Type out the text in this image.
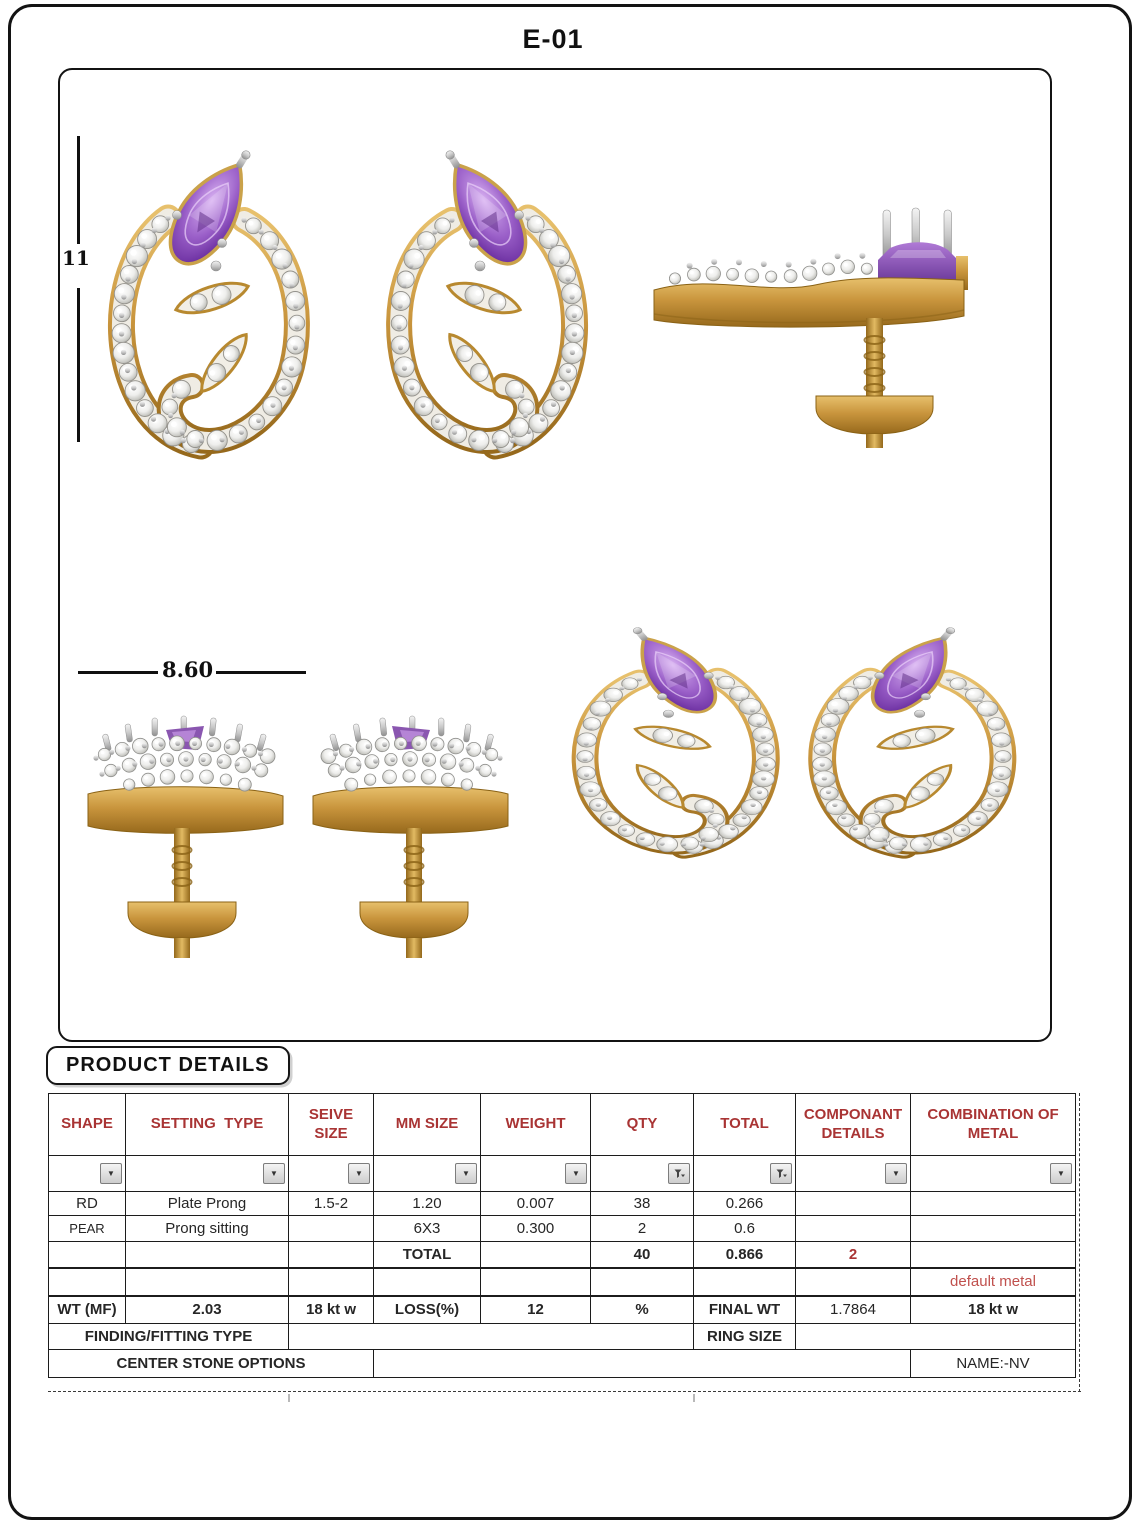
E-01
11
8.60
PRODUCT DETAILS
SHAPE	SETTING  TYPE	SEIVE SIZE	MM SIZE	WEIGHT	QTY	TOTAL	COMPONANT DETAILS	COMBINATION OF METAL

▼	▼	▼	▼	▼			▼	▼

RD	Plate Prong	1.5-2	1.20	0.007	38	0.266		
PEAR	Prong sitting		6X3	0.300	2	0.6		
			TOTAL		40	0.866	2	
								default metal
WT (MF)	2.03	18 kt w	LOSS(%)	12	%	FINAL WT	1.7864	18 kt w
FINDING/FITTING TYPE						RING SIZE		
CENTER STONE OPTIONS								NAME:-NV
